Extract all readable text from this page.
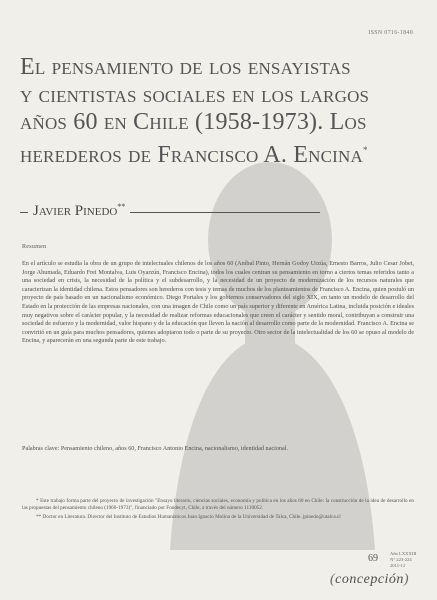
ISSN 0716-1840
El pensamiento de los ensayistas
y cientistas sociales en los largos
años 60 en Chile (1958-1973). Los
herederos de Francisco A. Encina*
Javier Pinedo**
Resumen

En el artículo se estudia la obra de un grupo de intelectuales chilenos de los años 60 (Aníbal Pinto, Hernán Godoy Urzúa, Ernesto Barros, Julio Cesar Jobet, Jorge Ahumada, Eduardo Frei Montalva, Luis Oyarzún, Francisco Encina), todos los cuales centran su pensamiento en torno a ciertos temas referidos tanto a una sociedad en crisis, la necesidad de la política y el subdesarrollo, y la necesidad de un proyecto de modernización de los recursos naturales que caracterizan la identidad chilena. Estos pensadores son herederos con tesis y temas de muchos de los planteamientos de Francisco A. Encina, quien postuló un proyecto de país basado en un nacionalismo económico. Diego Portales y los gobiernos conservadores del siglo XIX, en tanto un modelo de desarrollo del Estado en la protección de las empresas nacionales, con una imagen de Chile como un país superior y diferente en América Latina, incluida posición e ideales muy negativos sobre el carácter popular, y la necesidad de realizar reformas educacionales que creen el carácter y sentido moral, contribuyan a construir una sociedad de esfuerzo y la modernidad, valor hispano y de la educación que lleven la nación al desarrollo como parte de la modernidad. Francisco A. Encina se convirtió en un guía para muchos pensadores, quienes adoptaron todo o parte de su proyecto. Otro sector de la intelectualidad de los 60 se opuso al modelo de Encina, y aparecerán en una segunda parte de este trabajo.

Palabras clave: Pensamiento chileno, años 60, Francisco Antonio Encina, nacionalismo, identidad nacional.

* Este trabajo forma parte del proyecto de investigación "Ensayo literario, ciencias sociales, economía y política en los años 60 en Chile: la construcción de la idea de desarrollo en las propuestas del pensamiento chileno (1960-1973)", financiado por Fondecyt, Chile, a través del número 1110052.

** Doctor en Literatura. Director del Instituto de Estudios Humanísticos Juan Ignacio Molina de la Universidad de Talca, Chile. jpinedo@utalca.cl

69	Año LXXXIII
N° 223-224
2011-12
(concepción)
